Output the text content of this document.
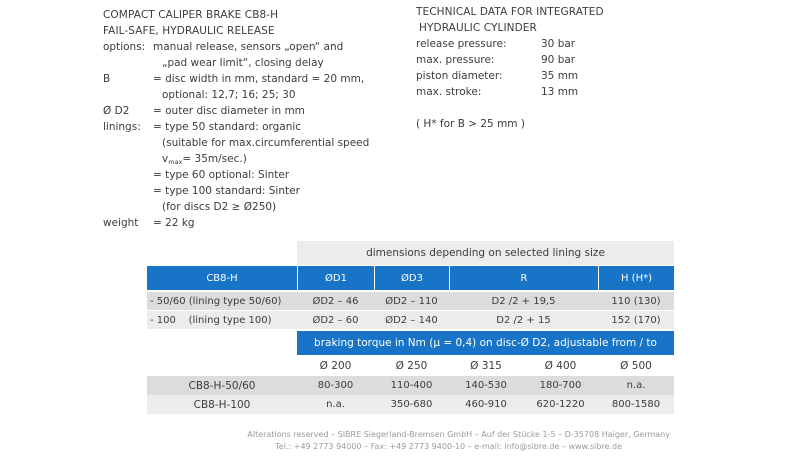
COMPACT CALIPER BRAKE CB8-H
FAIL-SAFE, HYDRAULIC RELEASE
options: manual release, sensors „open“ and
„pad wear limit“, closing delay
B	= disc width in mm, standard = 20 mm,
optional: 12,7; 16; 25; 30
Ø D2 = outer disc diameter in mm
linings: = type 50 standard: organic
(suitable for max.circumferential speed
$v_{max}= 35m/\sec$.)
= type 60 optional: Sinter
= type 100 standard: Sinter
(for discs D2 ≥ Ø250)
weight = 22 kg
TECHNICAL DATA FOR INTEGRATED
HYDRAULIC CYLINDER
release pressure:	30 bar
max. pressure:	90 bar
piston diameter:	35 mm
max. stroke:	13 mm
( H* for B > 25 mm )
dimensions depending on selected lining size
CB8-H	ØD1	ØD3	R	H (H*)
- 50/60 (lining type 50/60)	ØD2 – 46	ØD2 – 110	D2 /2 + 19,5	110 (130)
- 100    (lining type 100)	ØD2 – 60	ØD2 – 140	D2 /2 + 15	152 (170)
braking torque in Nm (µ = 0,4) on disc-Ø D2, adjustable from / to
Ø 200	Ø 250	Ø 315	Ø 400	Ø 500
CB8-H-50/60	80-300	110-400	140-530	180-700	n.a.
CB8-H-100	n.a.	350-680	460-910	620-1220	800-1580
Alterations reserved – SIBRE Siegerland-Bremsen GmbH – Auf der Stücke 1-5 – D-35708 Haiger, Germany
Tel.: +49 2773 94000 – Fax: +49 2773 9400-10 – e-mail: info@sibre.de – www.sibre.de
